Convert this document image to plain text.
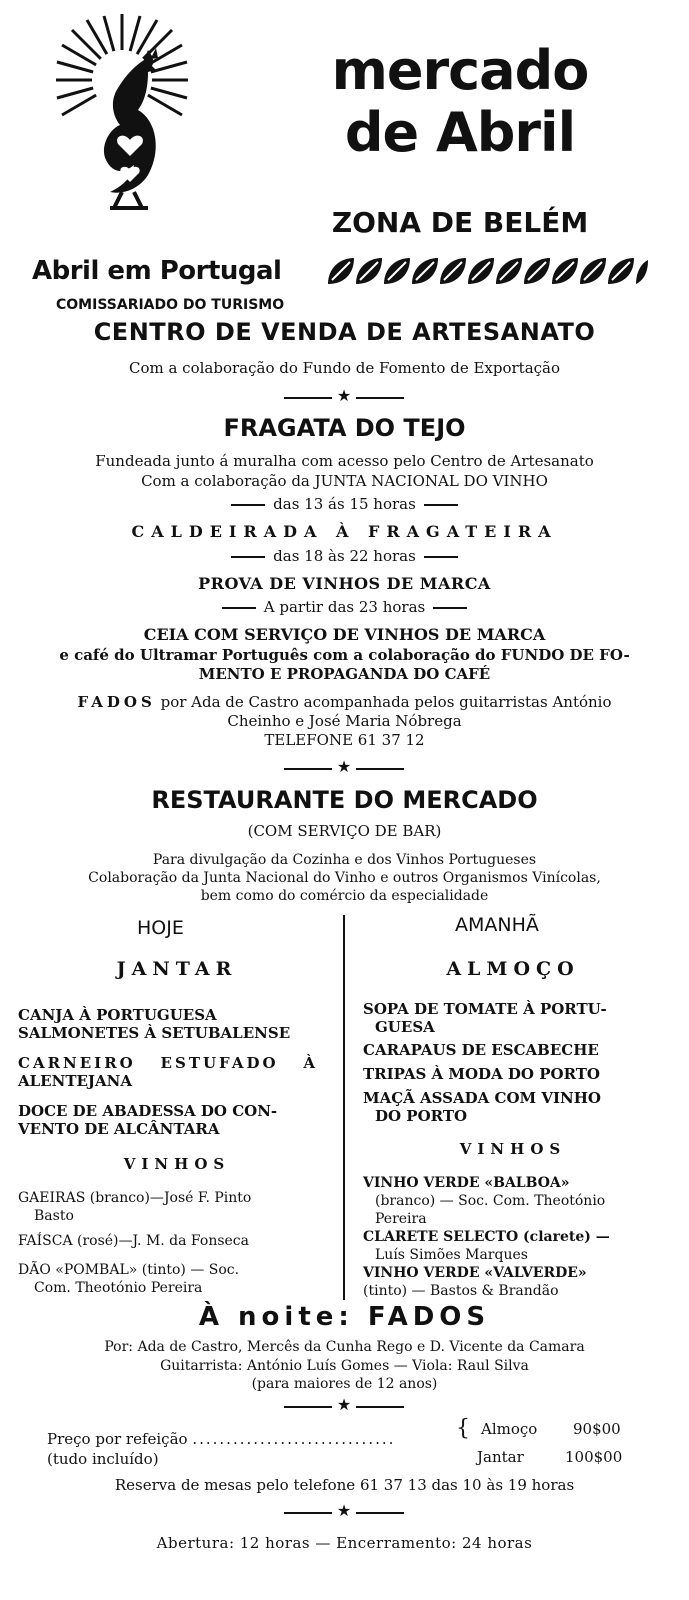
mercado
de Abril
ZONA DE BELÉM
Abril em Portugal
COMISSARIADO DO TURISMO
CENTRO DE VENDA DE ARTESANATO
Com a colaboração do Fundo de Fomento de Exportação
★
FRAGATA DO TEJO
Fundeada junto á muralha com acesso pelo Centro de Artesanato
Com a colaboração da JUNTA NACIONAL DO VINHO
das 13 ás 15 horas
CALDEIRADA À FRAGATEIRA
das 18 às 22 horas
PROVA DE VINHOS DE MARCA
A partir das 23 horas
CEIA COM SERVIÇO DE VINHOS DE MARCA
e café do Ultramar Português com a colaboração do FUNDO DE FO-
MENTO E PROPAGANDA DO CAFÉ
FADOS por Ada de Castro acompanhada pelos guitarristas António
Cheinho e José Maria Nóbrega
TELEFONE 61 37 12
★
RESTAURANTE DO MERCADO
(COM SERVIÇO DE BAR)
Para divulgação da Cozinha e dos Vinhos Portugueses
Colaboração da Junta Nacional do Vinho e outros Organismos Vinícolas,
bem como do comércio da especialidade
HOJE
JANTAR
CANJA À PORTUGUESA
SALMONETES À SETUBALENSE
CARNEIRO ESTUFADO À
ALENTEJANA
DOCE DE ABADESSA DO CON-
VENTO DE ALCÂNTARA
VINHOS
GAEIRAS (branco)—José F. Pinto
Basto
FAÍSCA (rosé)—J. M. da Fonseca
DÃO «POMBAL» (tinto) — Soc.
Com. Theotónio Pereira
AMANHÃ
ALMOÇO
SOPA DE TOMATE À PORTU-
GUESA
CARAPAUS DE ESCABECHE
TRIPAS À MODA DO PORTO
MAÇÃ ASSADA COM VINHO
DO PORTO
VINHOS
VINHO VERDE «BALBOA»
(branco) — Soc. Com. Theotónio
Pereira
CLARETE SELECTO (clarete) —
Luís Simões Marques
VINHO VERDE «VALVERDE»
(tinto) — Bastos & Brandão
À noite: FADOS
Por: Ada de Castro, Mercês da Cunha Rego e D. Vicente da Camara
Guitarrista: António Luís Gomes — Viola: Raul Silva
(para maiores de 12 anos)
★
Preço por refeição ..............................
(tudo incluído)
{ Almoço 90$00
Jantar	100$00
Reserva de mesas pelo telefone 61 37 13 das 10 às 19 horas
★
Abertura: 12 horas — Encerramento: 24 horas
